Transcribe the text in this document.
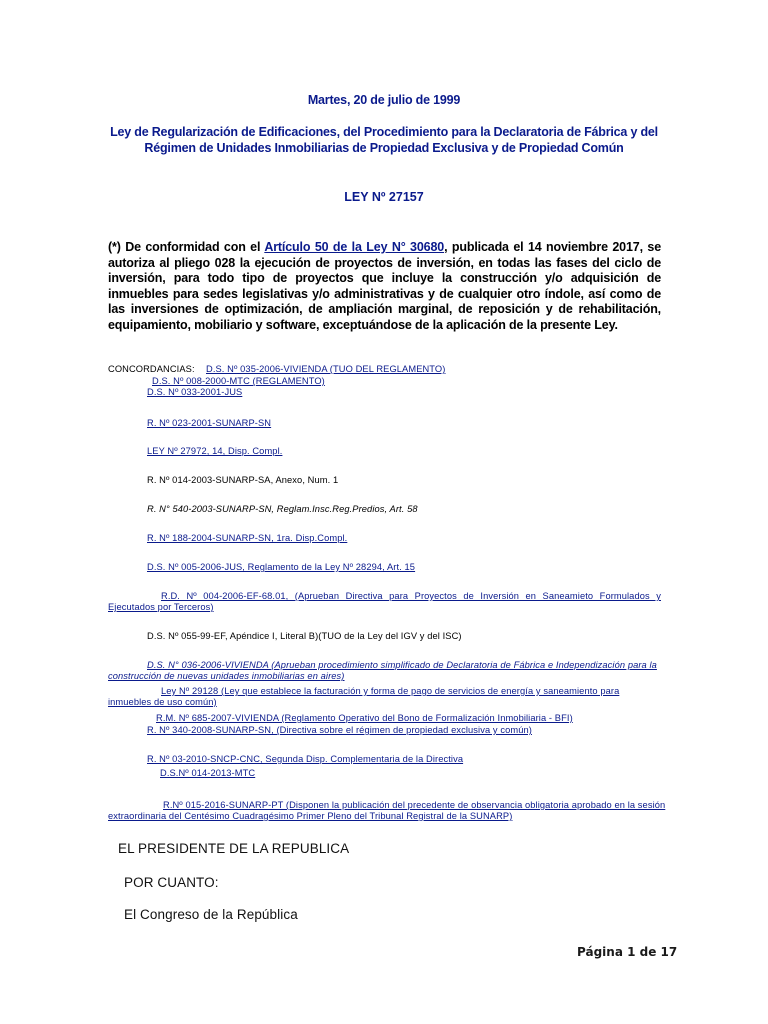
Martes, 20 de julio de 1999
Ley de Regularización de Edificaciones, del Procedimiento para la Declaratoria de Fábrica y del Régimen de Unidades Inmobiliarias de Propiedad Exclusiva y de Propiedad Común
LEY Nº 27157
(*) De conformidad con el Artículo 50 de la Ley N° 30680, publicada el 14 noviembre 2017, se autoriza al pliego 028 la ejecución de proyectos de inversión, en todas las fases del ciclo de inversión, para todo tipo de proyectos que incluye la construcción y/o adquisición de inmuebles para sedes legislativas y/o administrativas y de cualquier otro índole, así como de las inversiones de optimización, de ampliación marginal, de reposición y de rehabilitación, equipamiento, mobiliario y software, exceptuándose de la aplicación de la presente Ley.
CONCORDANCIAS: D.S. Nº 035-2006-VIVIENDA (TUO DEL REGLAMENTO)
D.S. Nº 008-2000-MTC (REGLAMENTO)
D.S. Nº 033-2001-JUS
R. Nº 023-2001-SUNARP-SN
LEY Nº 27972, 14, Disp. Compl.
R. Nº 014-2003-SUNARP-SA, Anexo, Num. 1
R. N° 540-2003-SUNARP-SN, Reglam.Insc.Reg.Predios, Art. 58
R. Nº 188-2004-SUNARP-SN, 1ra. Disp.Compl.
D.S. Nº 005-2006-JUS, Reglamento de la Ley Nº 28294, Art. 15
R.D. Nº 004-2006-EF-68.01, (Aprueban Directiva para Proyectos de Inversión en Saneamieto Formulados y Ejecutados por Terceros)
D.S. Nº 055-99-EF, Apéndice I, Literal B)(TUO de la Ley del IGV y del ISC)
D.S. N° 036-2006-VIVIENDA (Aprueban procedimiento simplificado de Declaratoria de Fábrica e Independización para la construcción de nuevas unidades inmobiliarias en aires)
Ley Nº 29128 (Ley que establece la facturación y forma de pago de servicios de energía y saneamiento para inmuebles de uso común)
R.M. Nº 685-2007-VIVIENDA (Reglamento Operativo del Bono de Formalización Inmobiliaria - BFI)
R. Nº 340-2008-SUNARP-SN, (Directiva sobre el régimen de propiedad exclusiva y común)
R. Nº 03-2010-SNCP-CNC, Segunda Disp. Complementaria de la Directiva
D.S.Nº 014-2013-MTC
R.Nº 015-2016-SUNARP-PT (Disponen la publicación del precedente de observancia obligatoria aprobado en la sesión extraordinaria del Centésimo Cuadragésimo Primer Pleno del Tribunal Registral de la SUNARP)
EL PRESIDENTE DE LA REPUBLICA
POR CUANTO:
El Congreso de la República
Página 1 de 17
